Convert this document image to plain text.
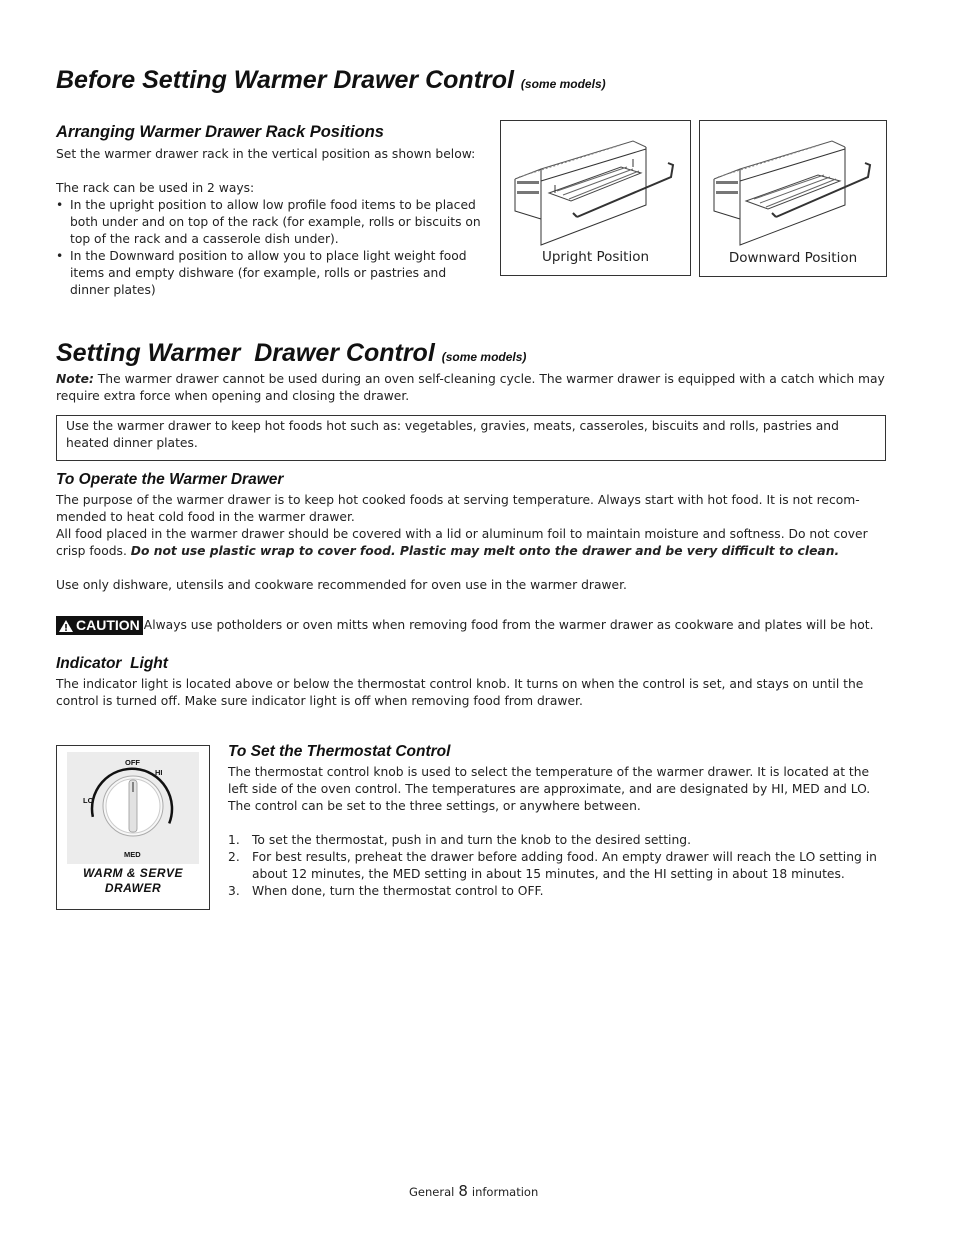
Before Setting Warmer Drawer Control (some models)
Arranging Warmer Drawer Rack Positions
Set the warmer drawer rack in the vertical position as shown below:
The rack can be used in 2 ways:
• In the upright position to allow low profile food items to be placed both under and on top of the rack (for example, rolls or biscuits on top of the rack and a casserole dish under).
• In the Downward position to allow you to place light weight food items and empty dishware (for example, rolls or pastries and dinner plates)
Upright Position	Downward Position
Setting Warmer  Drawer Control (some models)
Note: The warmer drawer cannot be used during an oven self-cleaning cycle. The warmer drawer is equipped with a catch which may require extra force when opening and closing the drawer.
Use the warmer drawer to keep hot foods hot such as: vegetables, gravies, meats, casseroles, biscuits and rolls, pastries and heated dinner plates.
To Operate the Warmer Drawer
The purpose of the warmer drawer is to keep hot cooked foods at serving temperature. Always start with hot food. It is not recom-mended to heat cold food in the warmer drawer.
All food placed in the warmer drawer should be covered with a lid or aluminum foil to maintain moisture and softness. Do not cover crisp foods. Do not use plastic wrap to cover food. Plastic may melt onto the drawer and be very difficult to clean.
Use only dishware, utensils and cookware recommended for oven use in the warmer drawer.
CAUTION Always use potholders or oven mitts when removing food from the warmer drawer as cookware and plates will be hot.
Indicator  Light
The indicator light is located above or below the thermostat control knob. It turns on when the control is set, and stays on until the control is turned off. Make sure indicator light is off when removing food from drawer.
OFF
HI
LO
MED
WARM & SERVE DRAWER
To Set the Thermostat Control
The thermostat control knob is used to select the temperature of the warmer drawer. It is located at the left side of the oven control. The temperatures are approximate, and are designated by HI, MED and LO. The control can be set to the three settings, or anywhere between.
1. To set the thermostat, push in and turn the knob to the desired setting.
2. For best results, preheat the drawer before adding food. An empty drawer will reach the LO setting in about 12 minutes, the MED setting in about 15 minutes, and the HI setting in about 18 minutes.
3. When done, turn the thermostat control to OFF.
General 8 information
